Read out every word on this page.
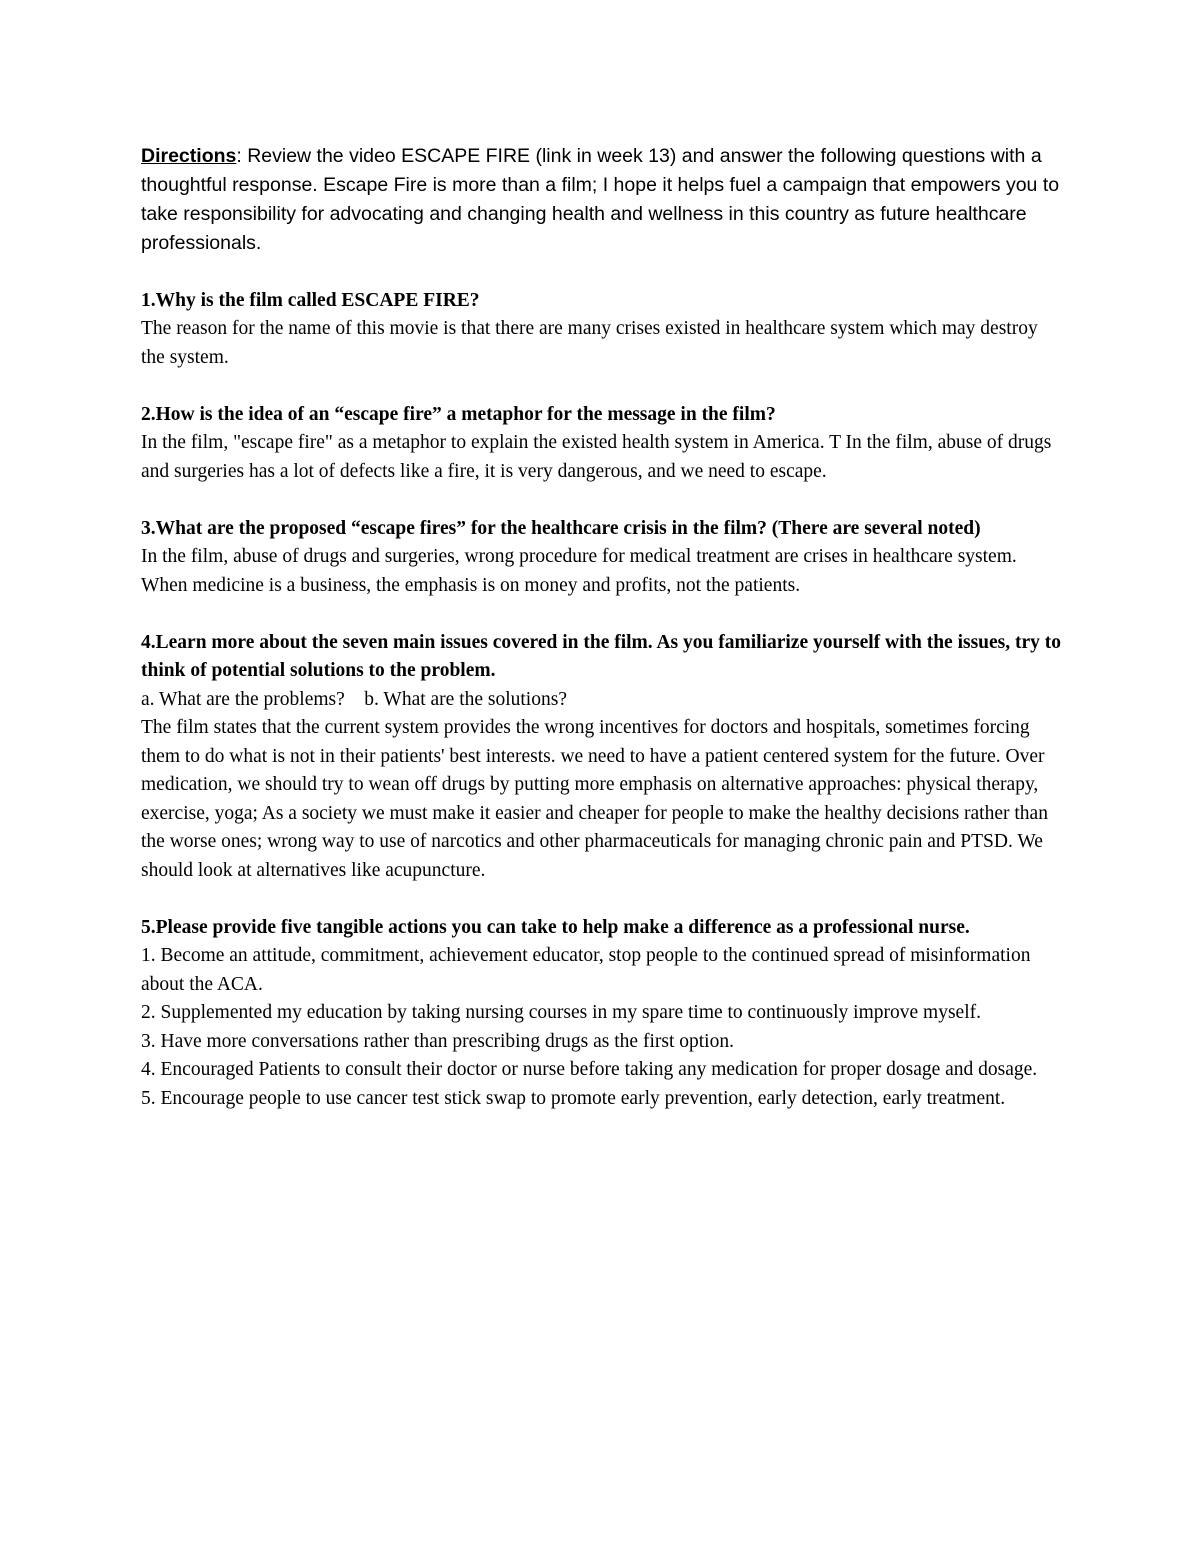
Directions: Review the video ESCAPE FIRE (link in week 13) and answer the following questions with a thoughtful response. Escape Fire is more than a film; I hope it helps fuel a campaign that empowers you to take responsibility for advocating and changing health and wellness in this country as future healthcare professionals.

1.Why is the film called ESCAPE FIRE?

The reason for the name of this movie is that there are many crises existed in healthcare system which may destroy the system.

2.How is the idea of an “escape fire” a metaphor for the message in the film?

In the film, "escape fire" as a metaphor to explain the existed health system in America. T In the film, abuse of drugs and surgeries has a lot of defects like a fire, it is very dangerous, and we need to escape.

3.What are the proposed “escape fires” for the healthcare crisis in the film? (There are several noted)

In the film, abuse of drugs and surgeries, wrong procedure for medical treatment are crises in healthcare system. When medicine is a business, the emphasis is on money and profits, not the patients.

4.Learn more about the seven main issues covered in the film. As you familiarize yourself with the issues, try to think of potential solutions to the problem.

a. What are the problems?    b. What are the solutions?

The film states that the current system provides the wrong incentives for doctors and hospitals, sometimes forcing them to do what is not in their patients' best interests. we need to have a patient centered system for the future. Over medication, we should try to wean off drugs by putting more emphasis on alternative approaches: physical therapy, exercise, yoga; As a society we must make it easier and cheaper for people to make the healthy decisions rather than the worse ones; wrong way to use of narcotics and other pharmaceuticals for managing chronic pain and PTSD. We should look at alternatives like acupuncture.

5.Please provide five tangible actions you can take to help make a difference as a professional nurse.

1. Become an attitude, commitment, achievement educator, stop people to the continued spread of misinformation about the ACA.

2. Supplemented my education by taking nursing courses in my spare time to continuously improve myself.

3. Have more conversations rather than prescribing drugs as the first option.

4. Encouraged Patients to consult their doctor or nurse before taking any medication for proper dosage and dosage.

5. Encourage people to use cancer test stick swap to promote early prevention, early detection, early treatment.
